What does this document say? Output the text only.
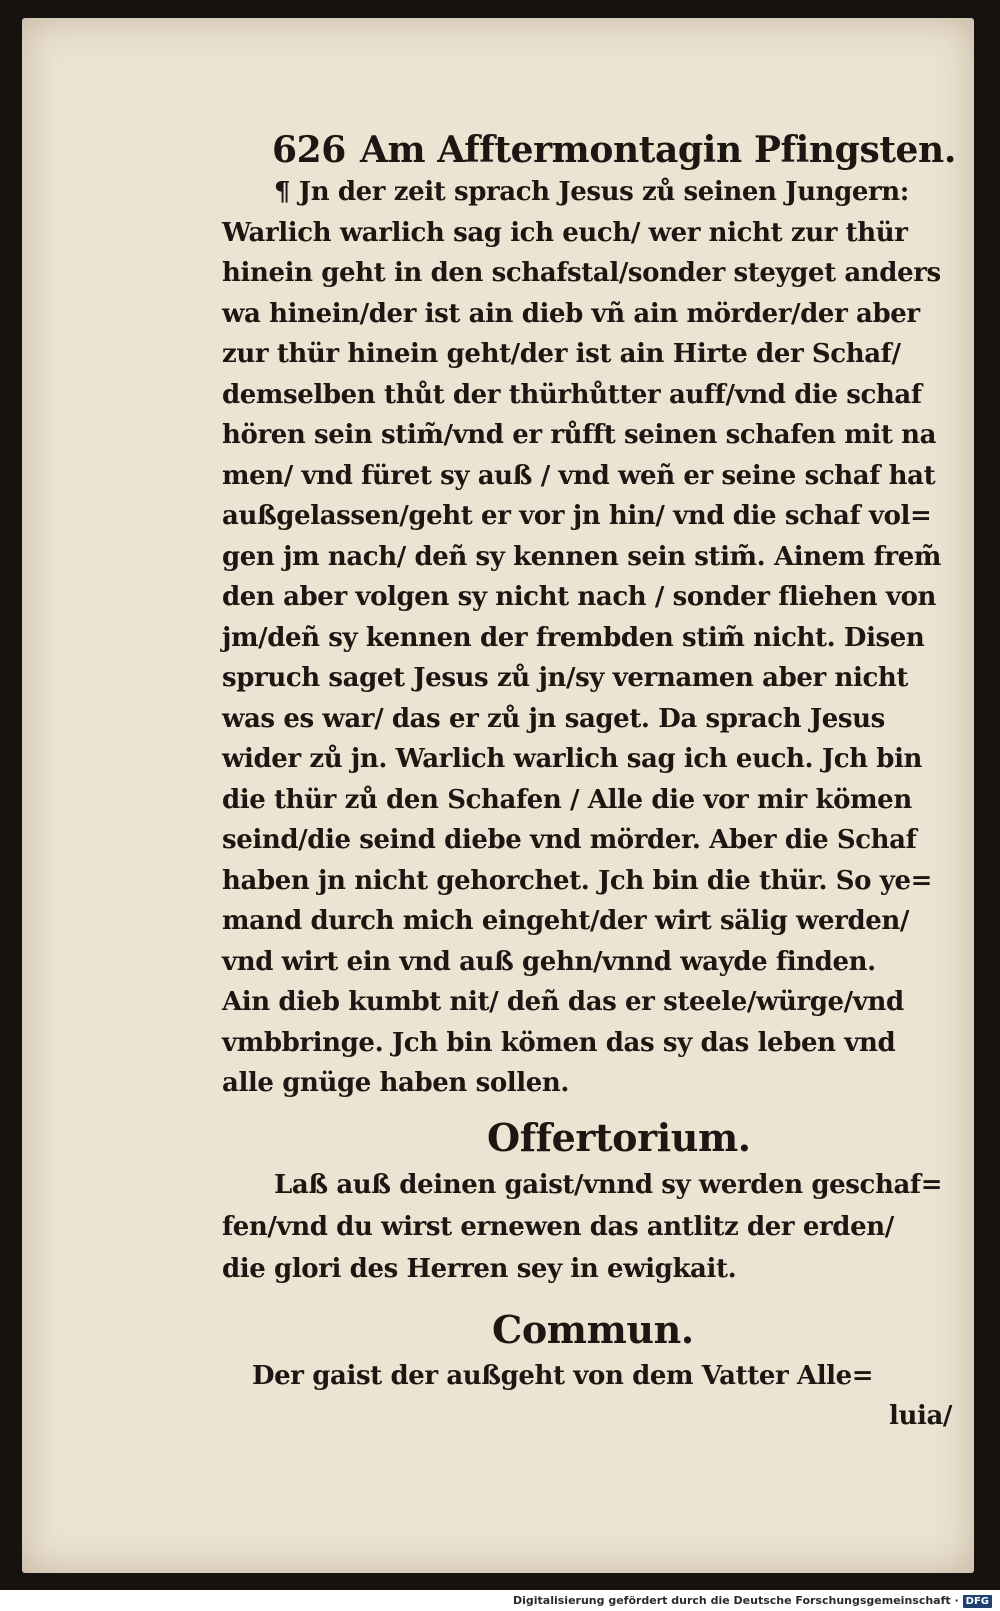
626 Am Afftermontagin Pfingsten.
¶ Jn der zeit sprach Jesus zů seinen Jungern:
Warlich warlich sag ich euch/ wer nicht zur thür
hinein geht in den schafstal/sonder steyget anders
wa hinein/der ist ain dieb vñ ain mörder/der aber
zur thür hinein geht/der ist ain Hirte der Schaf/
demselben thůt der thürhůtter auff/vnd die schaf
hören sein stim̃/vnd er růfft seinen schafen mit na
men/ vnd füret sy auß / vnd weñ er seine schaf hat
außgelassen/geht er vor jn hin/ vnd die schaf vol=
gen jm nach/ deñ sy kennen sein stim̃. Ainem frem̃
den aber volgen sy nicht nach / sonder fliehen von
jm/deñ sy kennen der frembden stim̃ nicht. Disen
spruch saget Jesus zů jn/sy vernamen aber nicht
was es war/ das er zů jn saget. Da sprach Jesus
wider zů jn. Warlich warlich sag ich euch. Jch bin
die thür zů den Schafen / Alle die vor mir kömen
seind/die seind diebe vnd mörder. Aber die Schaf
haben jn nicht gehorchet. Jch bin die thür. So ye=
mand durch mich eingeht/der wirt sälig werden/
vnd wirt ein vnd auß gehn/vnnd wayde finden.
Ain dieb kumbt nit/ deñ das er steele/würge/vnd
vmbbringe. Jch bin kömen das sy das leben vnd
alle gnüge haben sollen.
Offertorium.
Laß auß deinen gaist/vnnd sy werden geschaf=
fen/vnd du wirst ernewen das antlitz der erden/
die glori des Herren sey in ewigkait.
Commun.
Der gaist der außgeht von dem Vatter Alle=
luia/
Digitalisierung gefördert durch die Deutsche Forschungsgemeinschaft · DFG
